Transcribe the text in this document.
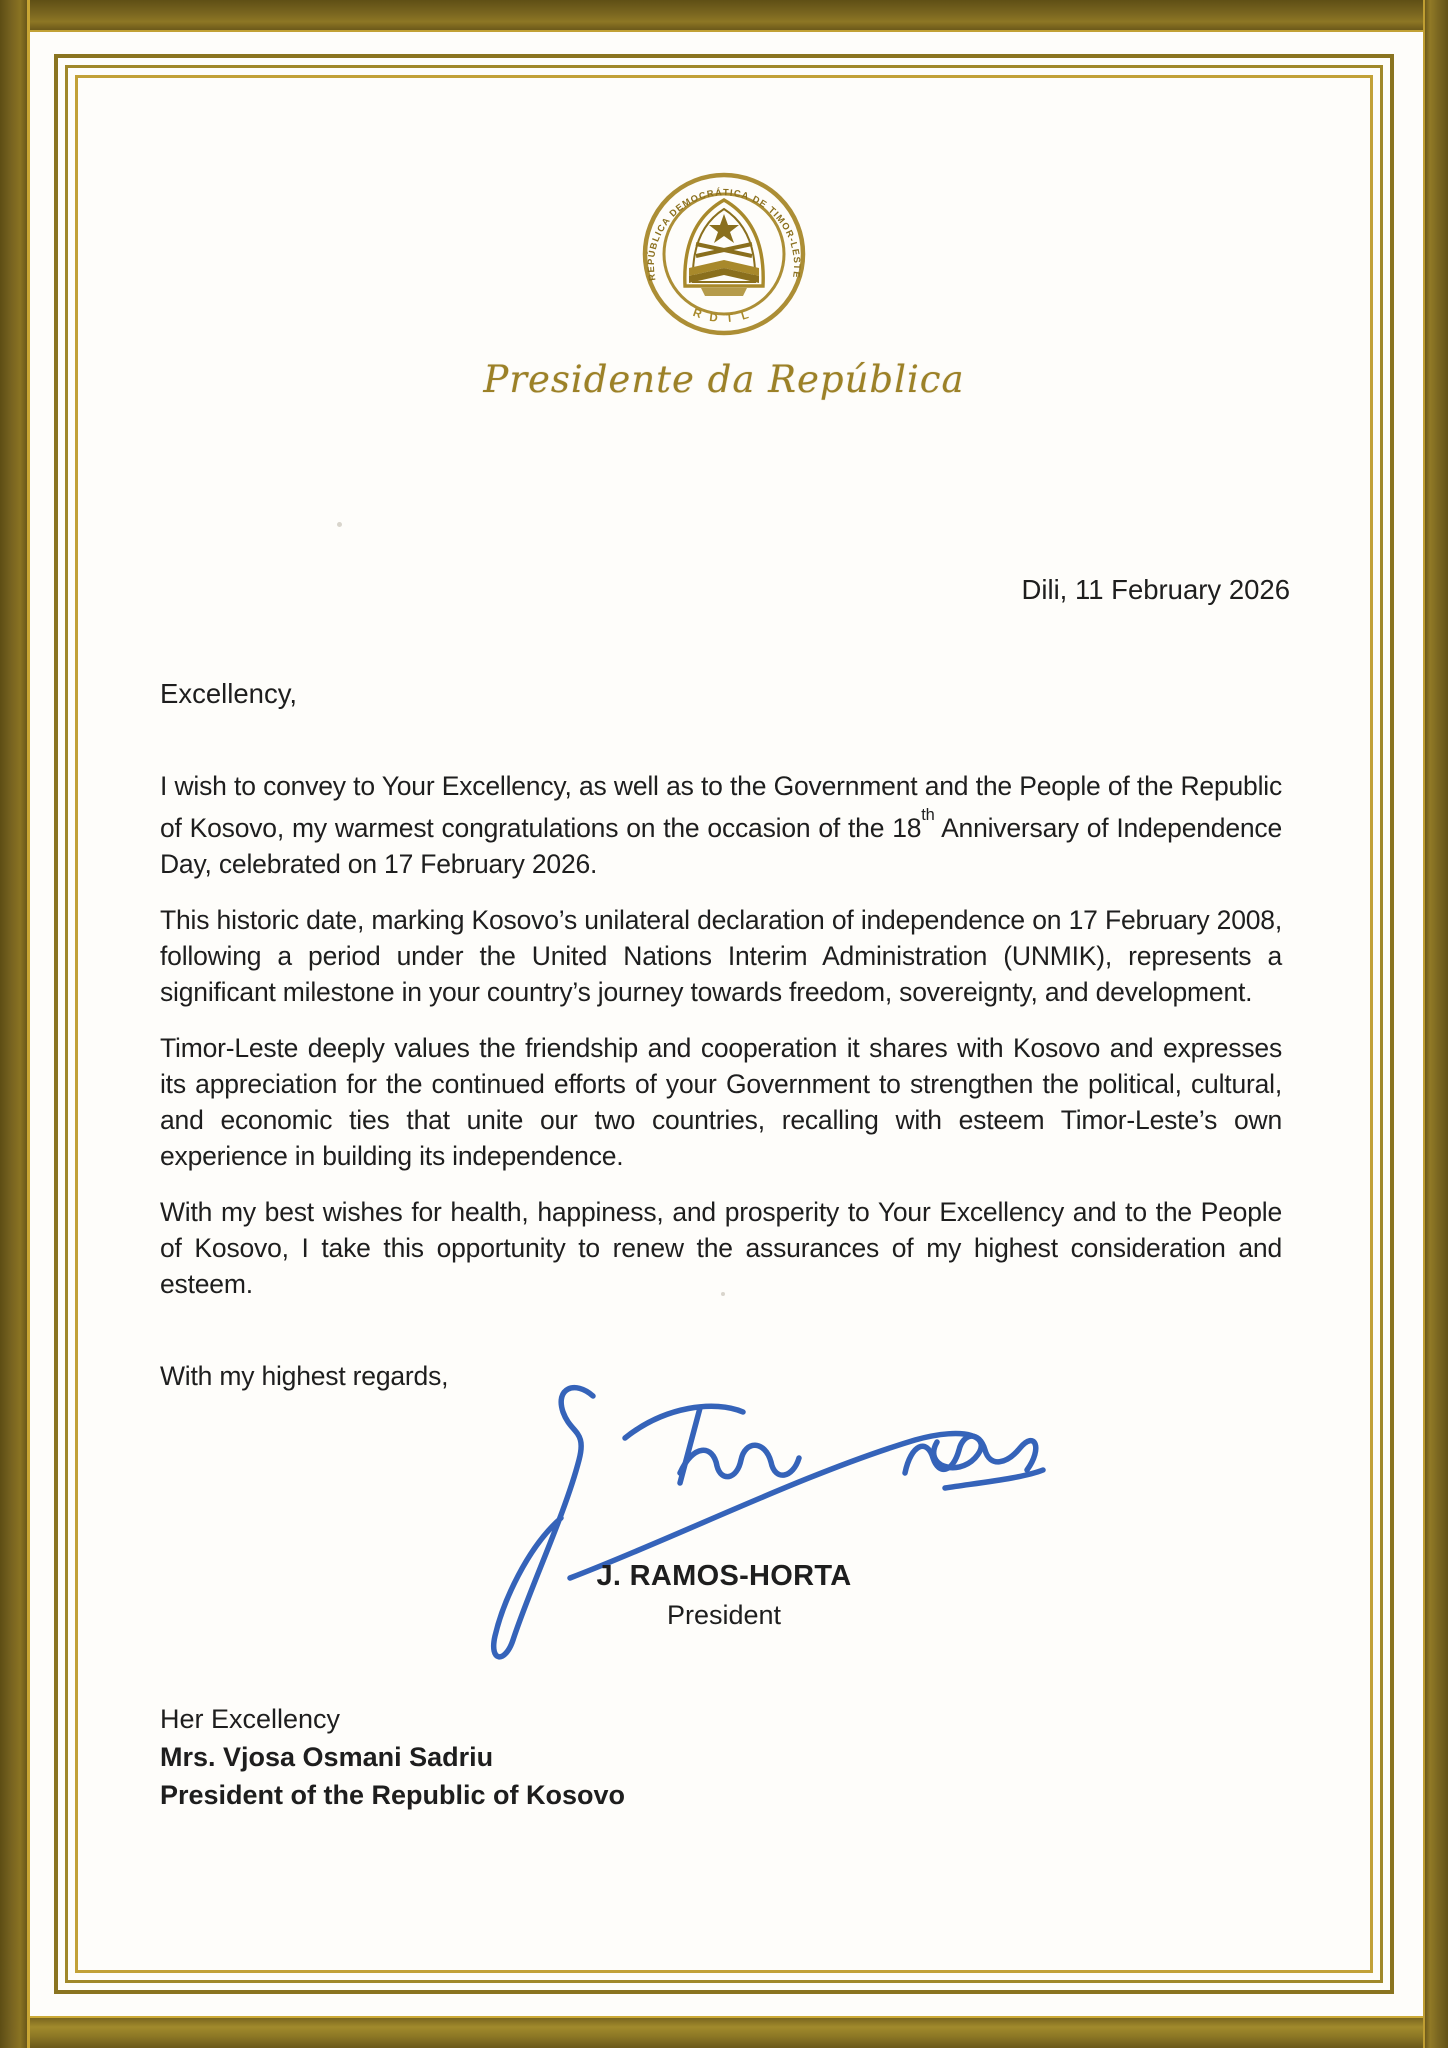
REPÚBLICA DEMOCRÁTICA DE TIMOR-LESTE
R D T L
Presidente da República
Dili, 11 February 2026
Excellency,

I wish to convey to Your Excellency, as well as to the Government and the People of the Republic of Kosovo, my warmest congratulations on the occasion of the 18th Anniversary of Independence Day, celebrated on 17 February 2026.

This historic date, marking Kosovo’s unilateral declaration of independence on 17 February 2008, following a period under the United Nations Interim Administration (UNMIK), represents a significant milestone in your country’s journey towards freedom, sovereignty, and development.

Timor-Leste deeply values the friendship and cooperation it shares with Kosovo and expresses its appreciation for the continued efforts of your Government to strengthen the political, cultural, and economic ties that unite our two countries, recalling with esteem Timor-Leste’s own experience in building its independence.

With my best wishes for health, happiness, and prosperity to Your Excellency and to the People of Kosovo, I take this opportunity to renew the assurances of my highest consideration and esteem.

With my highest regards,

J. RAMOS-HORTA
President
Her Excellency
Mrs. Vjosa Osmani Sadriu
President of the Republic of Kosovo
